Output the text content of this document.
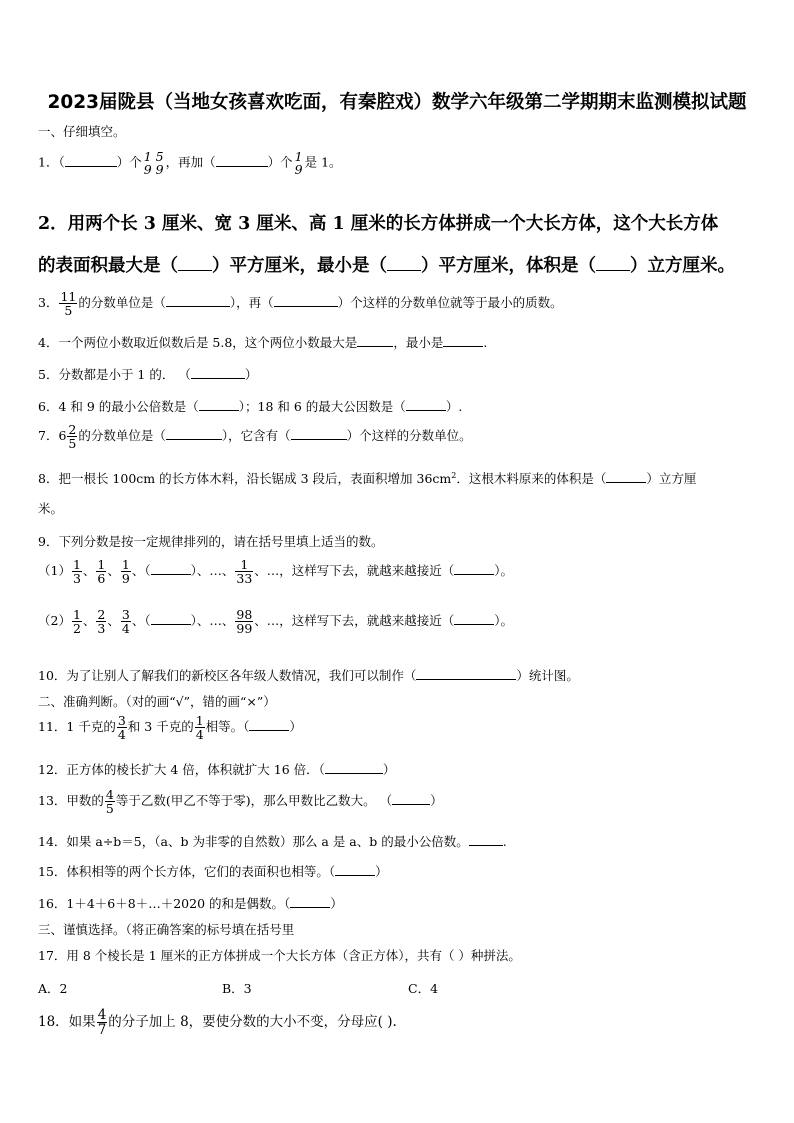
2023届陇县（当地女孩喜欢吃面，有秦腔戏）数学六年级第二学期期末监测模拟试题
一、仔细填空。
1．（	）个 1
9
5
9 ，再加（	）个 1
9 是 1。
2．用两个长 3 厘米、宽 3 厘米、高 1 厘米的长方体拼成一个大长方体，这个大长方体
的表面积最大是（ ）平方厘米，最小是（ ）平方厘米，体积是（ ）立方厘米。
3． $\frac{11}{5}$ 的分数单位是（	），再（	）个这样的分数单位就等于最小的质数。
4．一个两位小数取近似数后是 5.8，这个两位小数最大是	，最小是	.
5．分数都是小于 1 的． （	）
6．4 和 9 的最小公倍数是（	）；18 和 6 的最大公因数是（	）.
7．$6 \frac{2}{5}$ 的分数单位是（	），它含有（	）个这样的分数单位。
8．把一根长 100cm 的长方体木料，沿长锯成 3 段后，表面积增加 $36cm^2$．这根木料原来的体积是（	）立方厘
米。
9．下列分数是按一定规律排列的，请在括号里填上适当的数。
$(1) \frac{1}{3}$ 、 $\frac{1}{6}$ 、 $\frac{1}{9}$ 、（	）、…、 $\frac{1}{33}$ 、…，这样写下去，就越来越接近（	）。
$(2) \frac{1}{2}$ 、 $\frac{2}{3}$ 、 $\frac{3}{4}$ 、（	）、…、 $\frac{98}{99}$ 、…，这样写下去，就越来越接近（	）。
10．为了让别人了解我们的新校区各年级人数情况，我们可以制作（	）统计图。
二、准确判断。（对的画“√”，错的画“×”）
11．1 千克的 $\frac{3}{4}$ 和 3 千克的 $\frac{1}{4}$ 相等。（	）
12．正方体的棱长扩大 4 倍，体积就扩大 16 倍．（	）
13．甲数的 $\frac{4}{5}$ 等于乙数(甲乙不等于零)，那么甲数比乙数大。 （	）
14．如果 a÷b＝5，（a、b 为非零的自然数）那么 a 是 a、b 的最小公倍数。	.
15．体积相等的两个长方体，它们的表面积也相等。（	）
16．1＋4＋6＋8＋…＋2020 的和是偶数。（	）
三、谨慎选择。（将正确答案的标号填在括号里
17．用 8 个棱长是 1 厘米的正方体拼成一个大长方体（含正方体），共有（ ）种拼法。
A．2	B．3	C．4
18．如果 $\frac{4}{7}$ 的分子加上 8，要使分数的大小不变，分母应( ).
